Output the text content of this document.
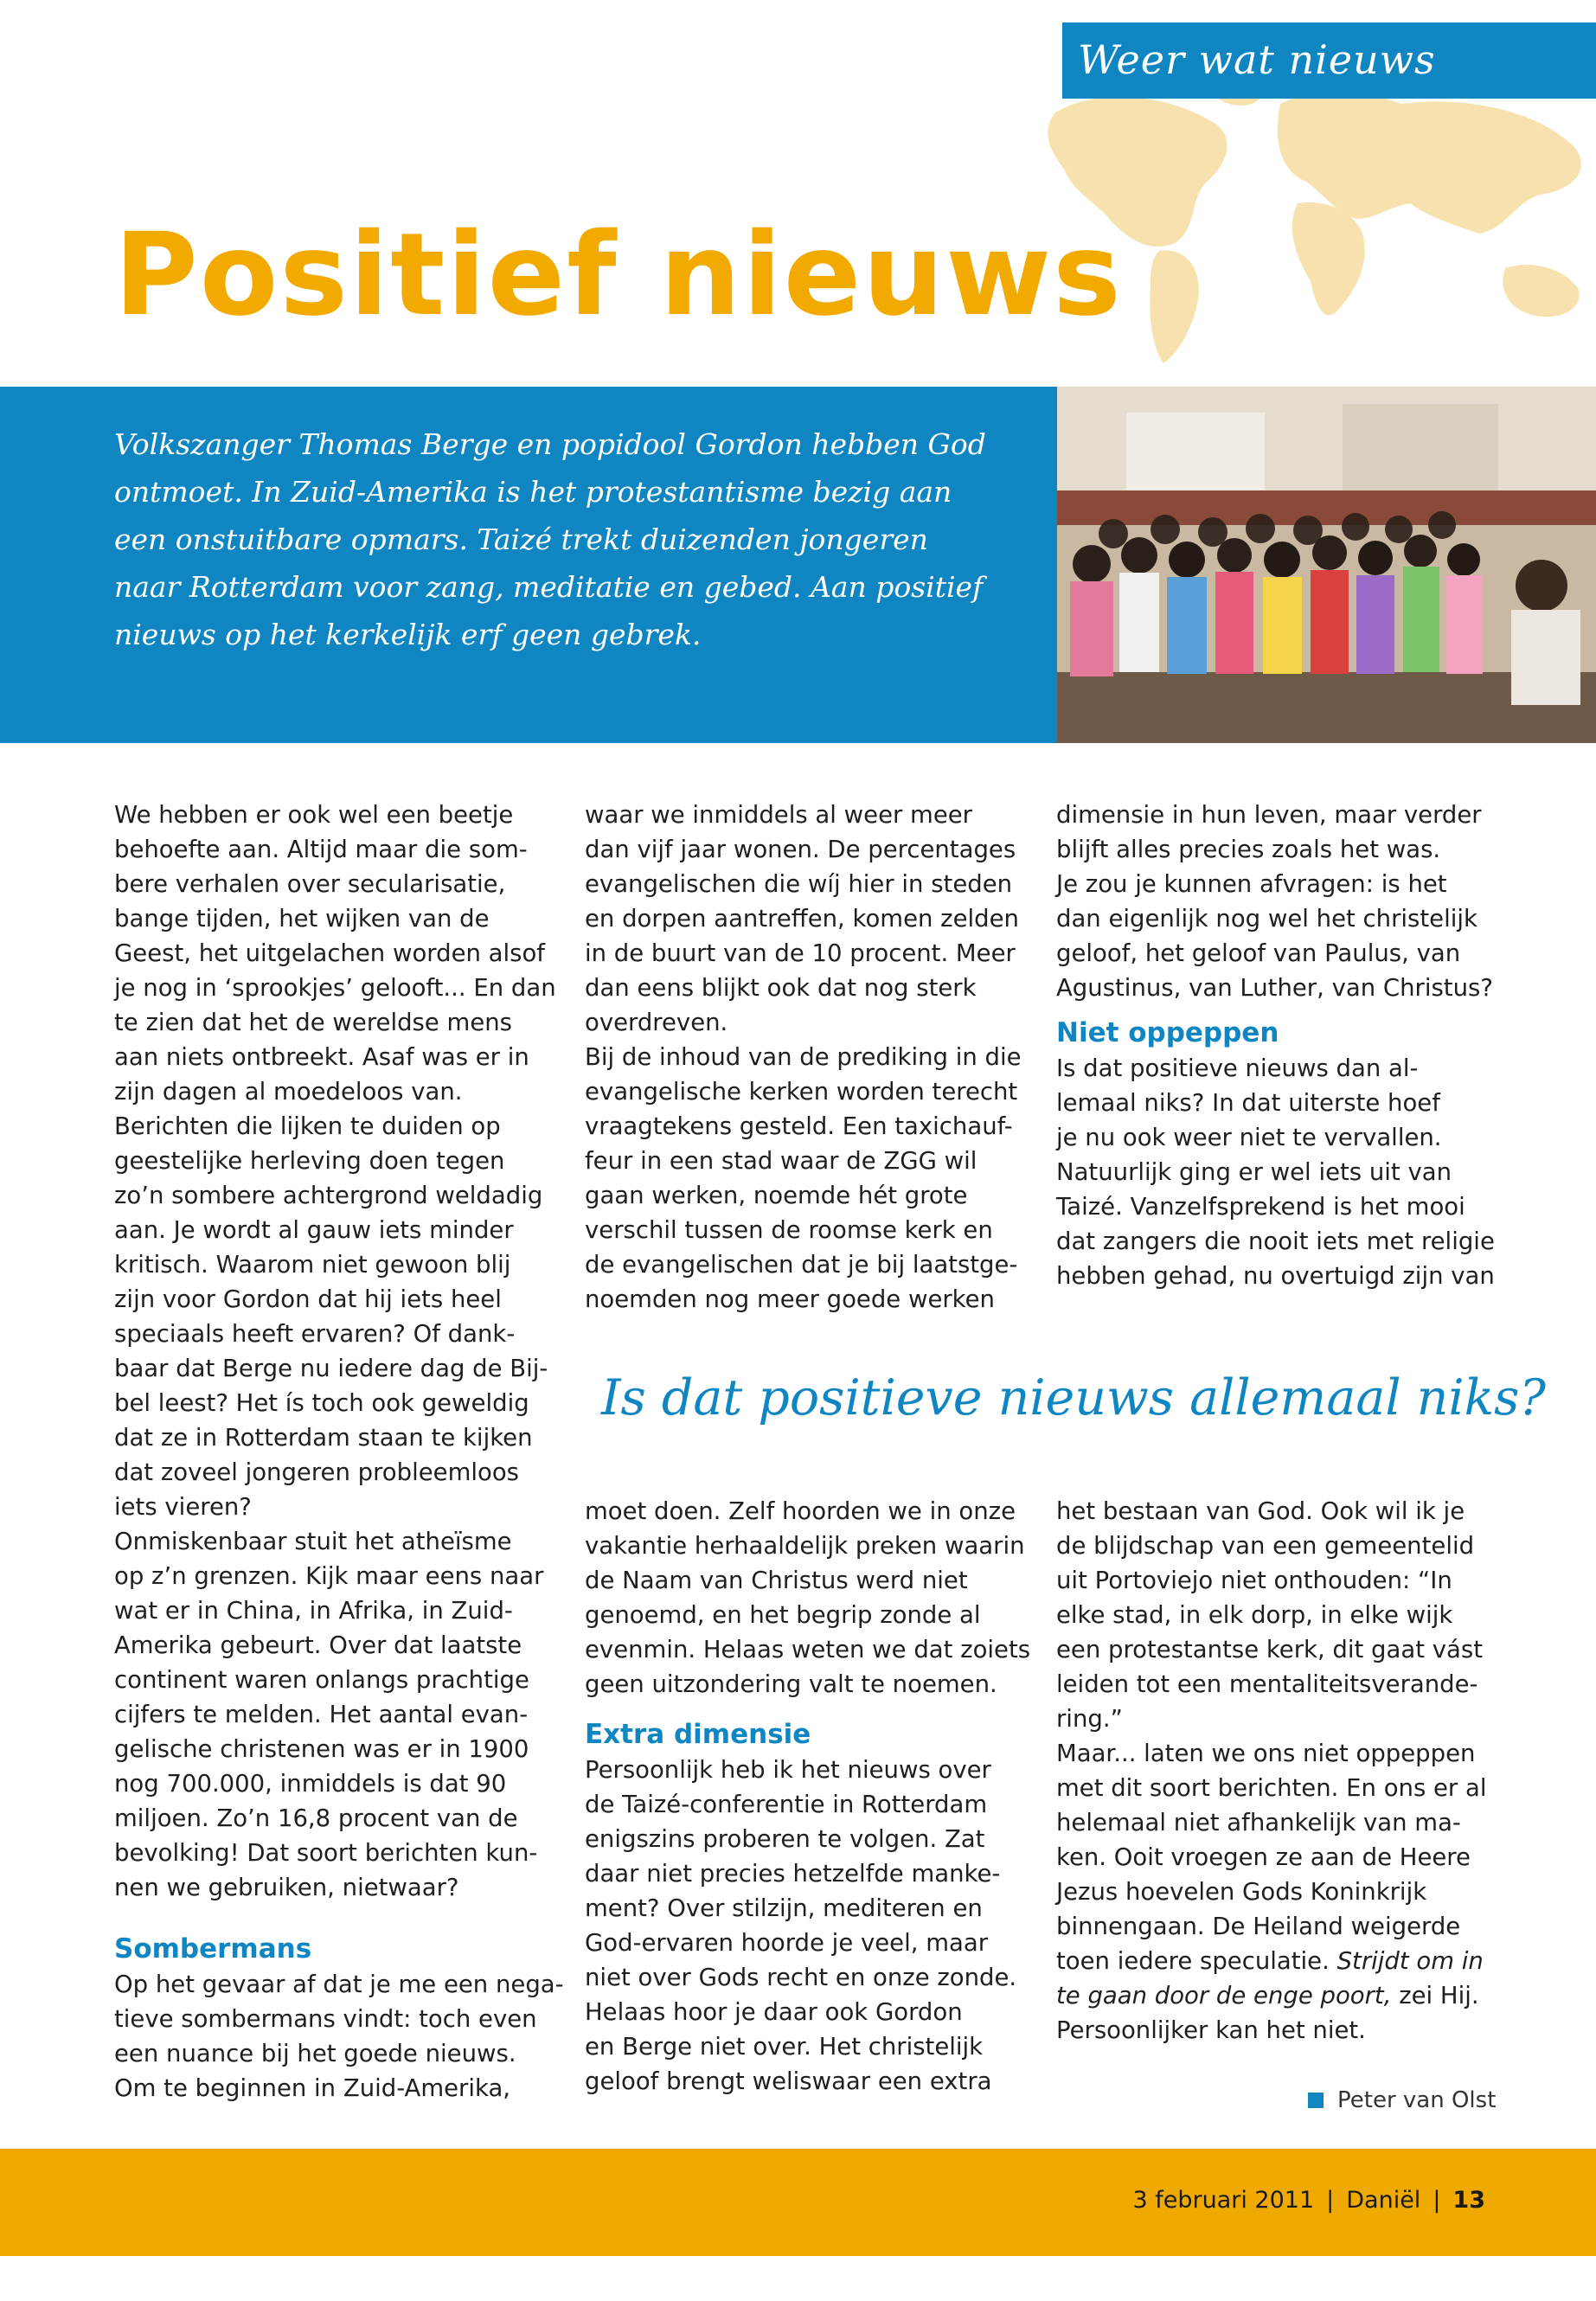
Weer wat nieuws
Positief nieuws

Volkszanger Thomas Berge en popidool Gordon hebben God ontmoet. In Zuid-Amerika is het protestantisme bezig aan een onstuitbare opmars. Taizé trekt duizenden jongeren naar Rotterdam voor zang, meditatie en gebed. Aan positief nieuws op het kerkelijk erf geen gebrek.

We hebben er ook wel een beetje

behoefte aan. Altijd maar die som-

bere verhalen over secularisatie,

bange tijden, het wijken van de

Geest, het uitgelachen worden alsof

je nog in ‘sprookjes’ gelooft... En dan

te zien dat het de wereldse mens

aan niets ontbreekt. Asaf was er in

zijn dagen al moedeloos van.

Berichten die lijken te duiden op

geestelijke herleving doen tegen

zo’n sombere achtergrond weldadig

aan. Je wordt al gauw iets minder

kritisch. Waarom niet gewoon blij

zijn voor Gordon dat hij iets heel

speciaals heeft ervaren? Of dank-

baar dat Berge nu iedere dag de Bij-

bel leest? Het ís toch ook geweldig

dat ze in Rotterdam staan te kijken

dat zoveel jongeren probleemloos

iets vieren?

Onmiskenbaar stuit het atheïsme

op z’n grenzen. Kijk maar eens naar

wat er in China, in Afrika, in Zuid-

Amerika gebeurt. Over dat laatste

continent waren onlangs prachtige

cijfers te melden. Het aantal evan-

gelische christenen was er in 1900

nog 700.000, inmiddels is dat 90

miljoen. Zo’n 16,8 procent van de

bevolking! Dat soort berichten kun-

nen we gebruiken, nietwaar?

Sombermans

Op het gevaar af dat je me een nega-

tieve sombermans vindt: toch even

een nuance bij het goede nieuws.

Om te beginnen in Zuid-Amerika,

waar we inmiddels al weer meer

dan vijf jaar wonen. De percentages

evangelischen die wíj hier in steden

en dorpen aantreffen, komen zelden

in de buurt van de 10 procent. Meer

dan eens blijkt ook dat nog sterk

overdreven.

Bij de inhoud van de prediking in die

evangelische kerken worden terecht

vraagtekens gesteld. Een taxichauf-

feur in een stad waar de ZGG wil

gaan werken, noemde hét grote

verschil tussen de roomse kerk en

de evangelischen dat je bij laatstge-

noemden nog meer goede werken

dimensie in hun leven, maar verder

blijft alles precies zoals het was.

Je zou je kunnen afvragen: is het

dan eigenlijk nog wel het christelijk

geloof, het geloof van Paulus, van

Agustinus, van Luther, van Christus?

Niet oppeppen

Is dat positieve nieuws dan al-

lemaal niks? In dat uiterste hoef

je nu ook weer niet te vervallen.

Natuurlijk ging er wel iets uit van

Taizé. Vanzelfsprekend is het mooi

dat zangers die nooit iets met religie

hebben gehad, nu overtuigd zijn van

Is dat positieve nieuws allemaal niks?

moet doen. Zelf hoorden we in onze

vakantie herhaaldelijk preken waarin

de Naam van Christus werd niet

genoemd, en het begrip zonde al

evenmin. Helaas weten we dat zoiets

geen uitzondering valt te noemen.

Extra dimensie

Persoonlijk heb ik het nieuws over

de Taizé-conferentie in Rotterdam

enigszins proberen te volgen. Zat

daar niet precies hetzelfde manke-

ment? Over stilzijn, mediteren en

God-ervaren hoorde je veel, maar

niet over Gods recht en onze zonde.

Helaas hoor je daar ook Gordon

en Berge niet over. Het christelijk

geloof brengt weliswaar een extra

het bestaan van God. Ook wil ik je

de blijdschap van een gemeentelid

uit Portoviejo niet onthouden: “In

elke stad, in elk dorp, in elke wijk

een protestantse kerk, dit gaat vást

leiden tot een mentaliteitsverande-

ring.”

Maar... laten we ons niet oppeppen

met dit soort berichten. En ons er al

helemaal niet afhankelijk van ma-

ken. Ooit vroegen ze aan de Heere

Jezus hoevelen Gods Koninkrijk

binnengaan. De Heiland weigerde

toen iedere speculatie. Strijdt om in

te gaan door de enge poort, zei Hij.

Persoonlijker kan het niet.

Peter van Olst
3 februari 2011 | Daniël | 13
